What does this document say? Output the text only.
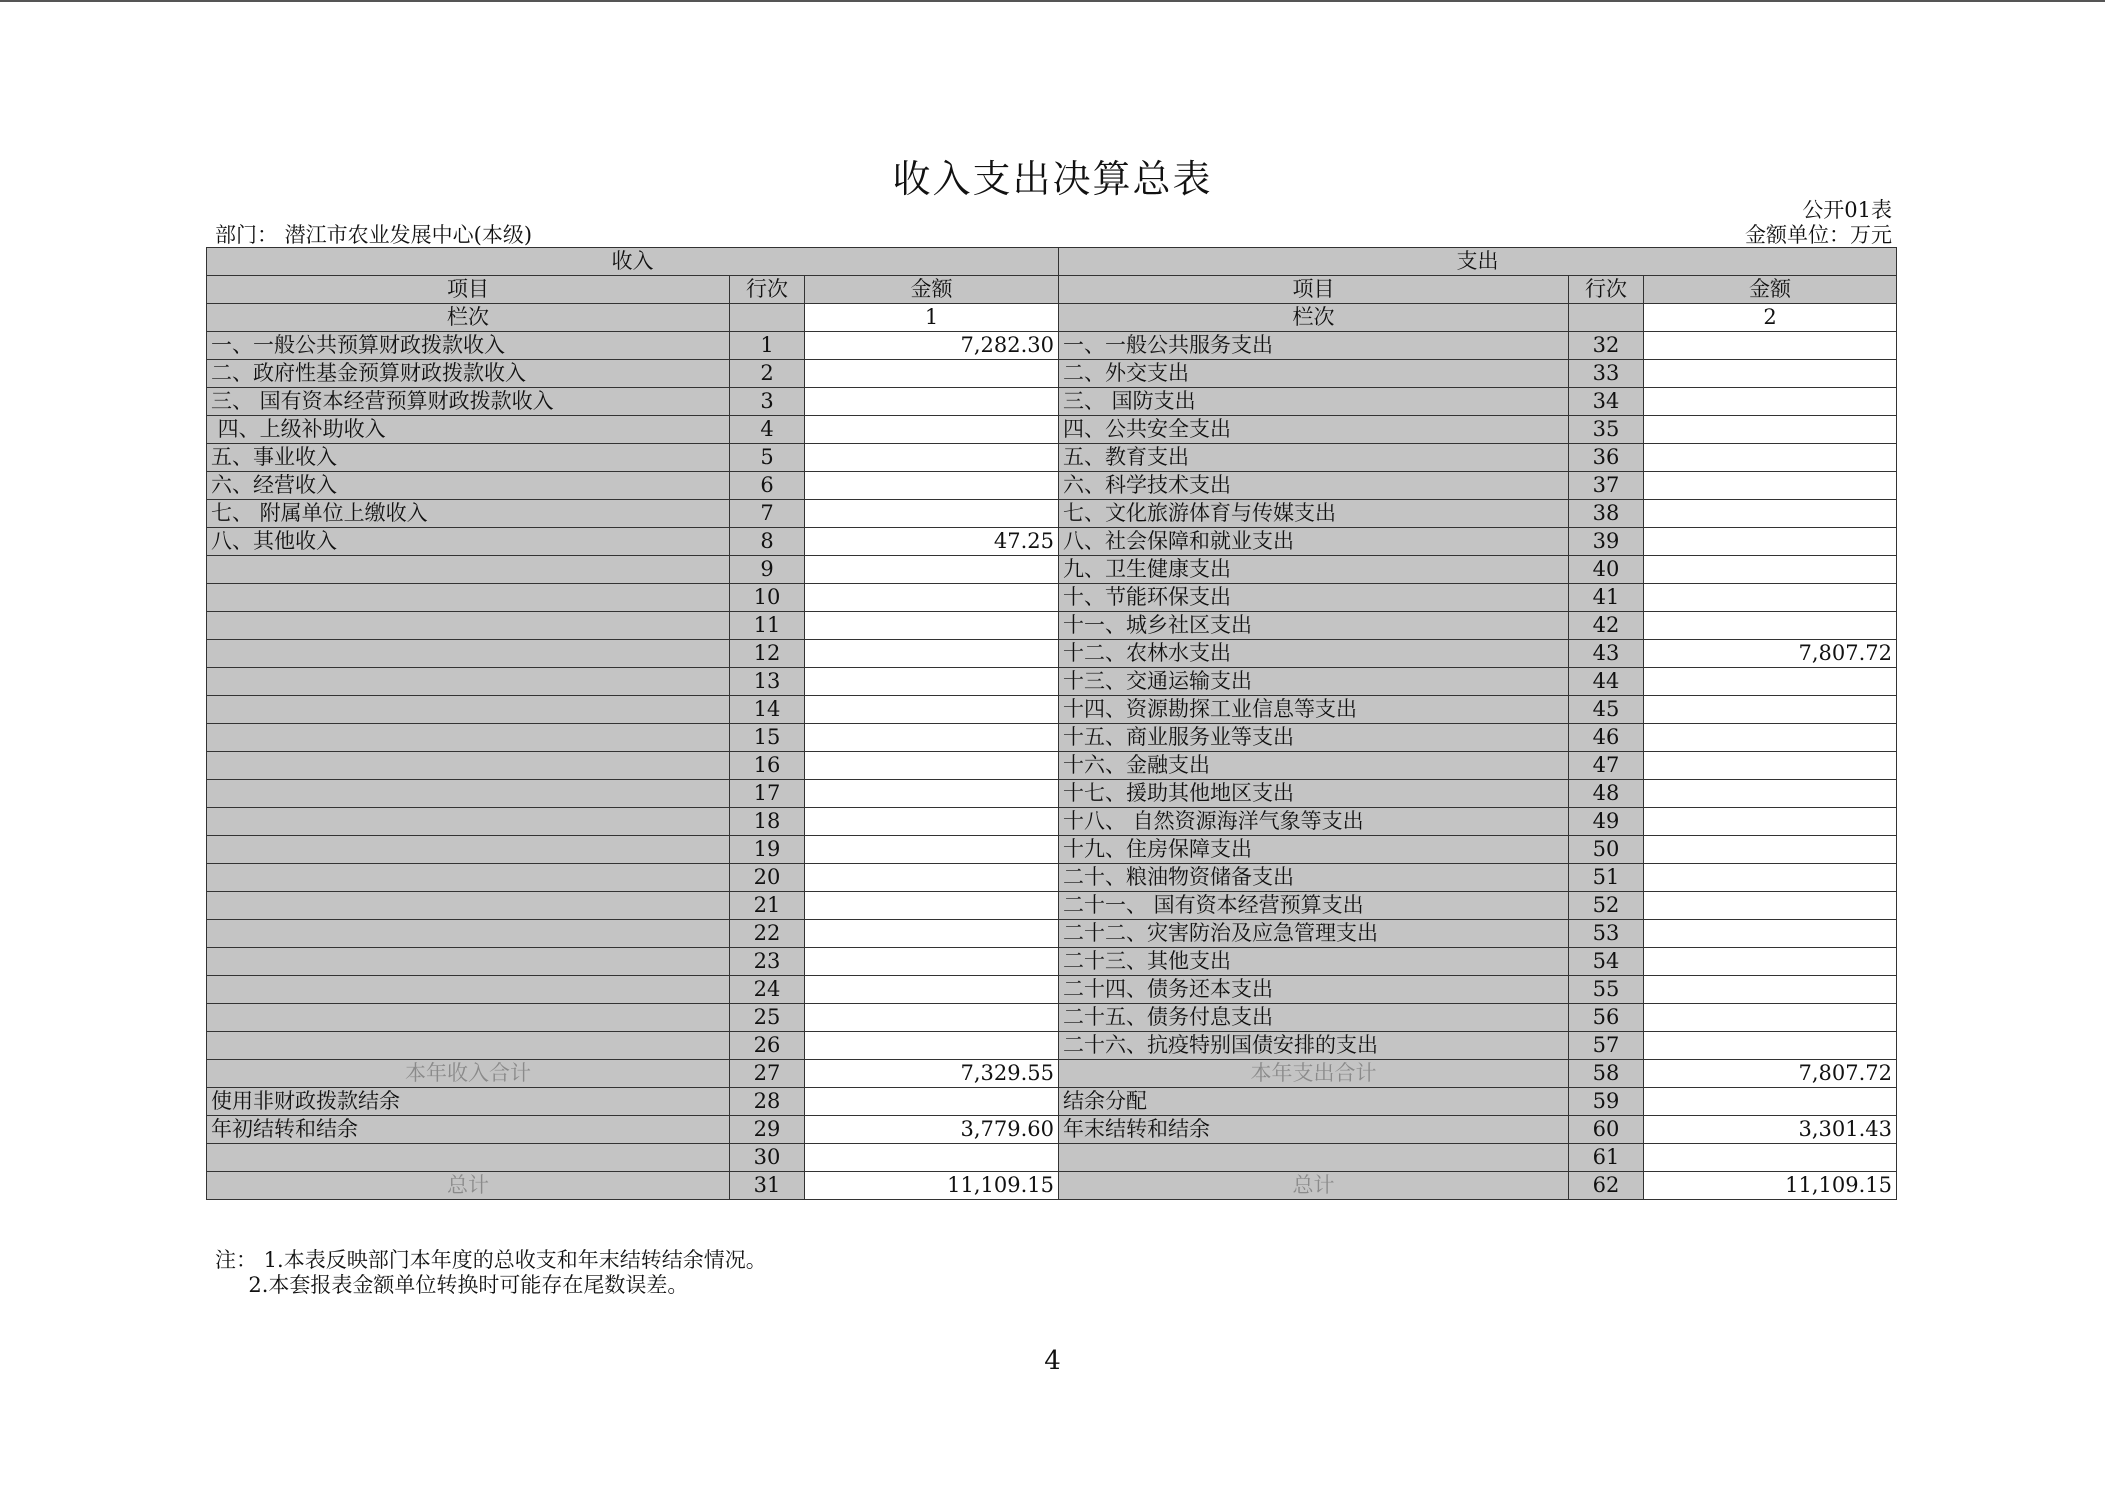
收入支出决算总表
公开01表
部门： 潜江市农业发展中心(本级)	金额单位：万元
收入			支出		
项目	行次	金额	项目	行次	金额
栏次		1	栏次		2
一、一般公共预算财政拨款收入	1	7,282.30	一、一般公共服务支出	32	
二、政府性基金预算财政拨款收入	2		二、外交支出	33	
三、 国有资本经营预算财政拨款收入	3		三、 国防支出	34	
四、上级补助收入	4		四、公共安全支出	35	
五、事业收入	5		五、教育支出	36	
六、经营收入	6		六、科学技术支出	37	
七、 附属单位上缴收入	7		七、文化旅游体育与传媒支出	38	
八、其他收入	8	47.25	八、社会保障和就业支出	39	
	9		九、卫生健康支出	40	
	10		十、节能环保支出	41	
	11		十一、城乡社区支出	42	
	12		十二、农林水支出	43	7,807.72
	13		十三、交通运输支出	44	
	14		十四、资源勘探工业信息等支出	45	
	15		十五、商业服务业等支出	46	
	16		十六、金融支出	47	
	17		十七、援助其他地区支出	48	
	18		十八、 自然资源海洋气象等支出	49	
	19		十九、住房保障支出	50	
	20		二十、粮油物资储备支出	51	
	21		二十一、 国有资本经营预算支出	52	
	22		二十二、灾害防治及应急管理支出	53	
	23		二十三、其他支出	54	
	24		二十四、债务还本支出	55	
	25		二十五、债务付息支出	56	
	26		二十六、抗疫特别国债安排的支出	57	
本年收入合计	27	7,329.55	本年支出合计	58	7,807.72
使用非财政拨款结余	28		结余分配	59	
年初结转和结余	29	3,779.60	年末结转和结余	60	3,301.43
	30			61	
总计	31	11,109.15	总计	62	11,109.15
注： 1.本表反映部门本年度的总收支和年末结转结余情况。
2.本套报表金额单位转换时可能存在尾数误差。
4
